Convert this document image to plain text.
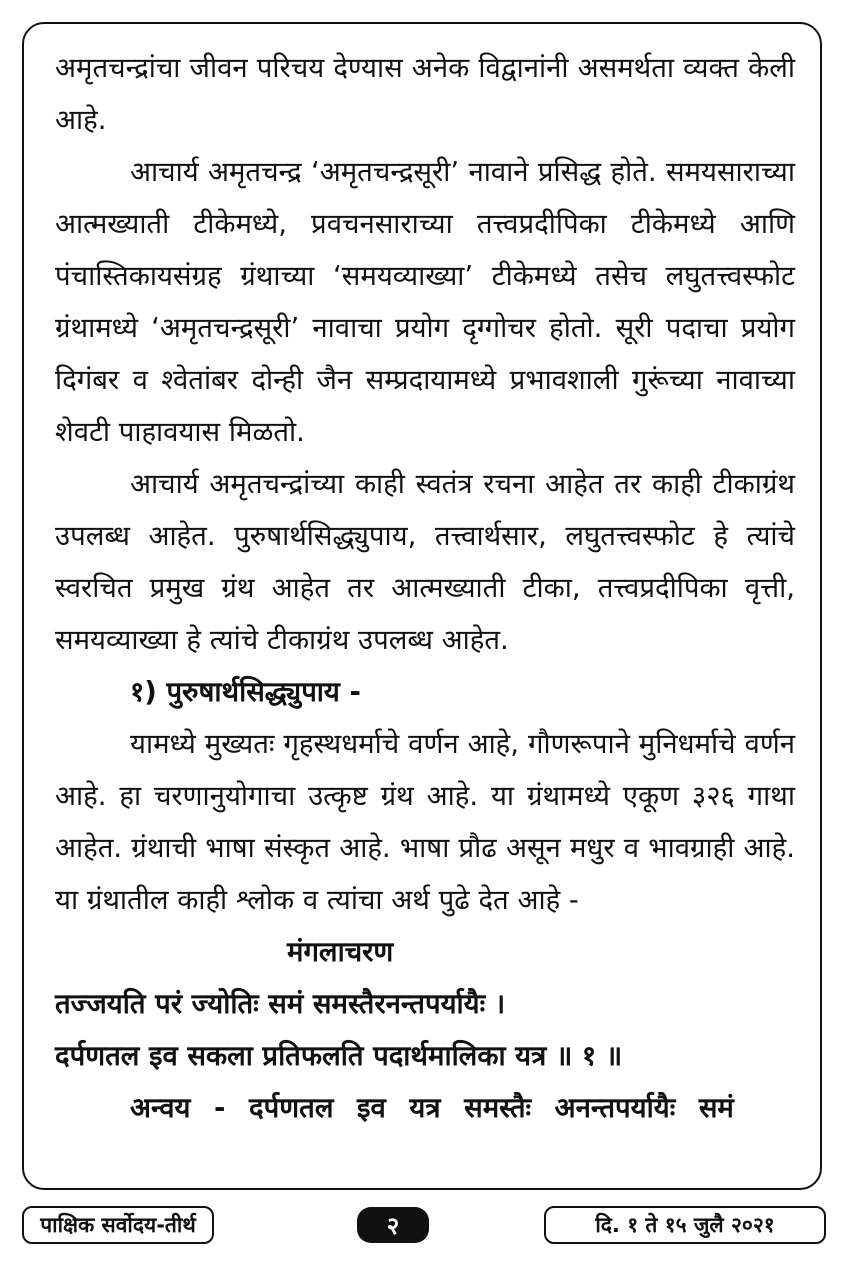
अमृतचन्द्रांचा जीवन परिचय देण्यास अनेक विद्वानांनी असमर्थता व्यक्त केली आहे.

आचार्य अमृतचन्द्र ‘अमृतचन्द्रसूरी’ नावाने प्रसिद्ध होते. समयसाराच्या आत्मख्याती टीकेमध्ये, प्रवचनसाराच्या तत्त्वप्रदीपिका टीकेमध्ये आणि पंचास्तिकायसंग्रह ग्रंथाच्या ‘समयव्याख्या’ टीकेमध्ये तसेच लघुतत्त्वस्फोट ग्रंथामध्ये ‘अमृतचन्द्रसूरी’ नावाचा प्रयोग दृग्गोचर होतो. सूरी पदाचा प्रयोग दिगंबर व श्वेतांबर दोन्ही जैन सम्प्रदायामध्ये प्रभावशाली गुरूंच्या नावाच्या शेवटी पाहावयास मिळतो.

आचार्य अमृतचन्द्रांच्या काही स्वतंत्र रचना आहेत तर काही टीकाग्रंथ उपलब्ध आहेत. पुरुषार्थसिद्ध्युपाय, तत्त्वार्थसार, लघुतत्त्वस्फोट हे त्यांचे स्वरचित प्रमुख ग्रंथ आहेत तर आत्मख्याती टीका, तत्त्वप्रदीपिका वृत्ती, समयव्याख्या हे त्यांचे टीकाग्रंथ उपलब्ध आहेत.

१) पुरुषार्थसिद्ध्युपाय -

यामध्ये मुख्यतः गृहस्थधर्माचे वर्णन आहे, गौणरूपाने मुनिधर्माचे वर्णन आहे. हा चरणानुयोगाचा उत्कृष्ट ग्रंथ आहे. या ग्रंथामध्ये एकूण ३२६ गाथा आहेत. ग्रंथाची भाषा संस्कृत आहे. भाषा प्रौढ असून मधुर व भावग्राही आहे. या ग्रंथातील काही श्लोक व त्यांचा अर्थ पुढे देत आहे -

मंगलाचरण

तज्जयति परं ज्योतिः समं समस्तैरनन्तपर्यायैः ।

दर्पणतल इव सकला प्रतिफलति पदार्थमालिका यत्र ॥ १ ॥

अन्वय - दर्पणतल इव यत्र समस्तैः अनन्तपर्यायैः समं

पाक्षिक सर्वोदय-तीर्थ	२	दि. १ ते १५ जुलै २०२१
